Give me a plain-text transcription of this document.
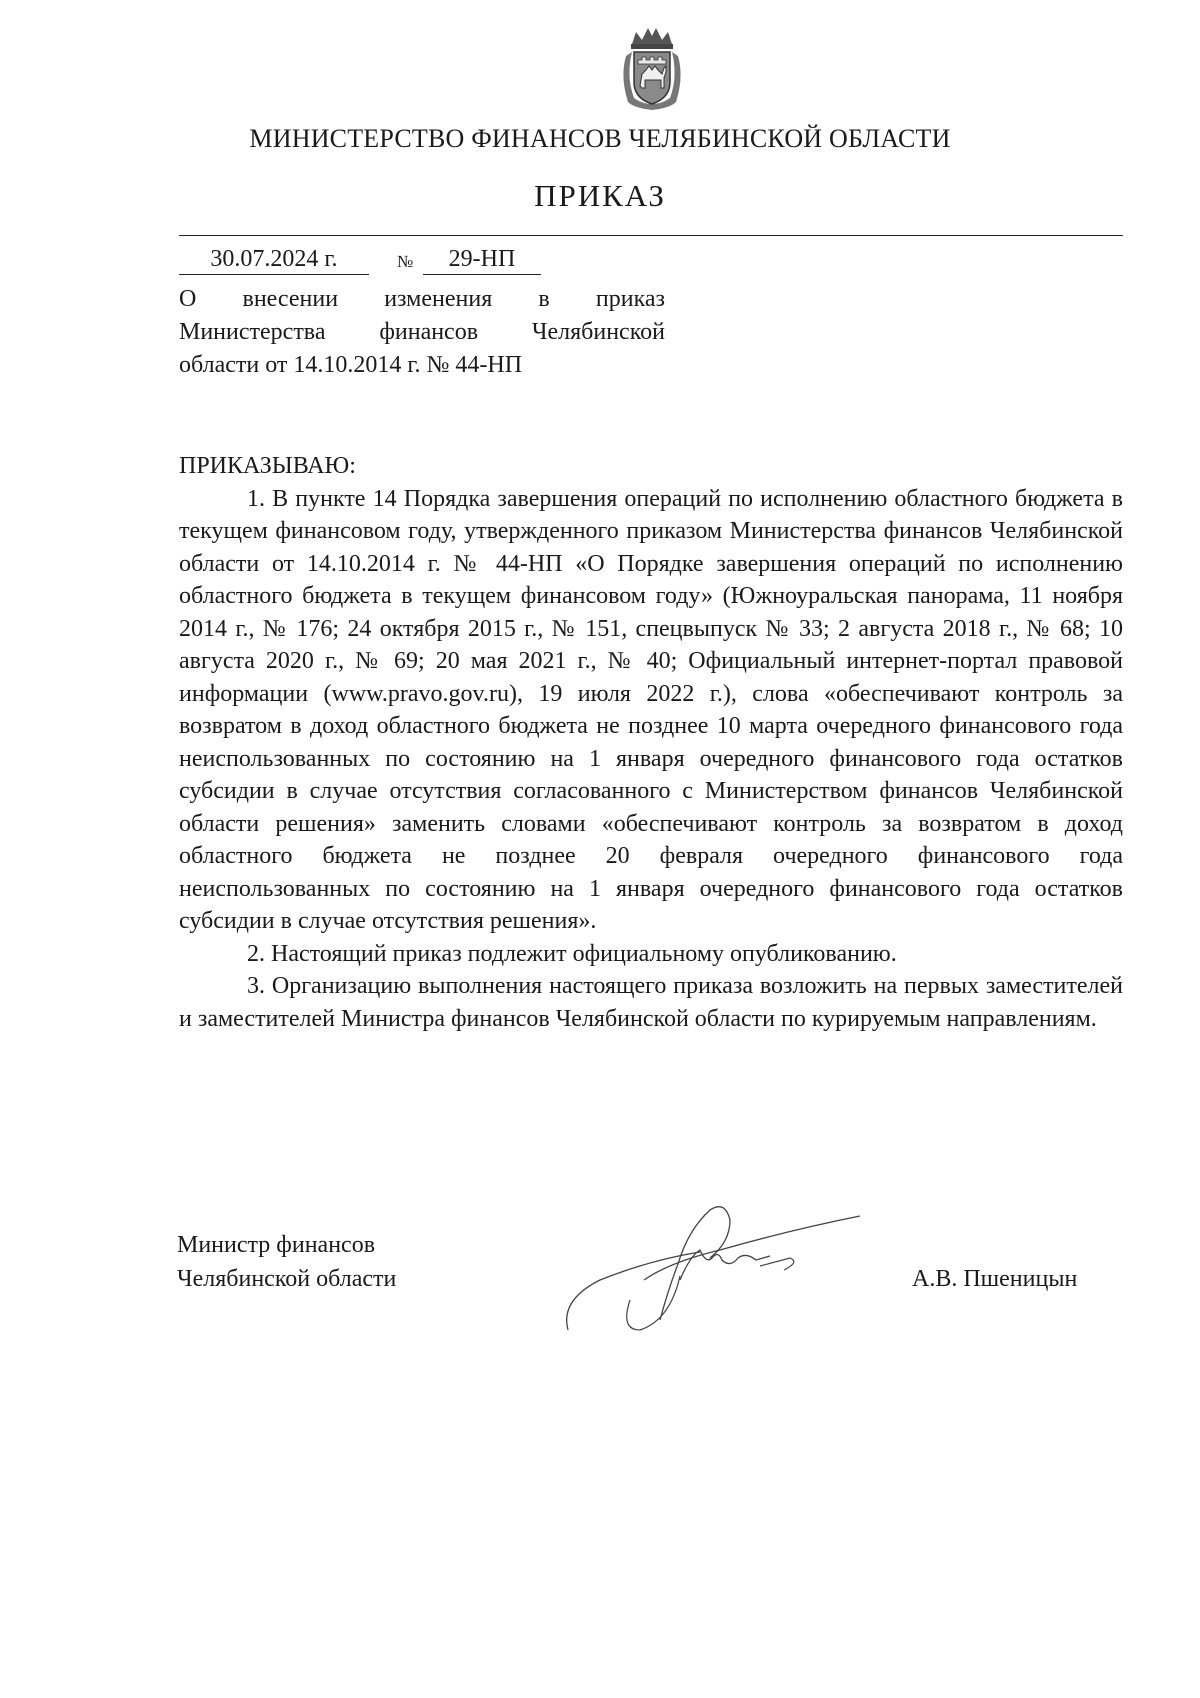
МИНИСТЕРСТВО ФИНАНСОВ ЧЕЛЯБИНСКОЙ ОБЛАСТИ
ПРИКАЗ
30.07.2024 г.	№	29-НП
О внесении изменения в приказ
Министерства финансов Челябинской
области от 14.10.2014 г. № 44-НП

ПРИКАЗЫВАЮ:

1. В пункте 14 Порядка завершения операций по исполнению областного бюджета в текущем финансовом году, утвержденного приказом Министерства финансов Челябинской области от 14.10.2014 г. № 44-НП «О Порядке завершения операций по исполнению областного бюджета в текущем финансовом году» (Южноуральская панорама, 11 ноября 2014 г., № 176; 24 октября 2015 г., № 151, спецвыпуск № 33; 2 августа 2018 г., № 68; 10 августа 2020 г., № 69; 20 мая 2021 г., № 40; Официальный интернет-портал правовой информации (www.pravo.gov.ru), 19 июля 2022 г.), слова «обеспечивают контроль за возвратом в доход областного бюджета не позднее 10 марта очередного финансового года неиспользованных по состоянию на 1 января очередного финансового года остатков субсидии в случае отсутствия согласованного с Министерством финансов Челябинской области решения» заменить словами «обеспечивают контроль за возвратом в доход областного бюджета не позднее 20 февраля очередного финансового года неиспользованных по состоянию на 1 января очередного финансового года остатков субсидии в случае отсутствия решения».

2. Настоящий приказ подлежит официальному опубликованию.

3. Организацию выполнения настоящего приказа возложить на первых заместителей и заместителей Министра финансов Челябинской области по курируемым направлениям.

Министр финансов
Челябинской области	А.В. Пшеницын
